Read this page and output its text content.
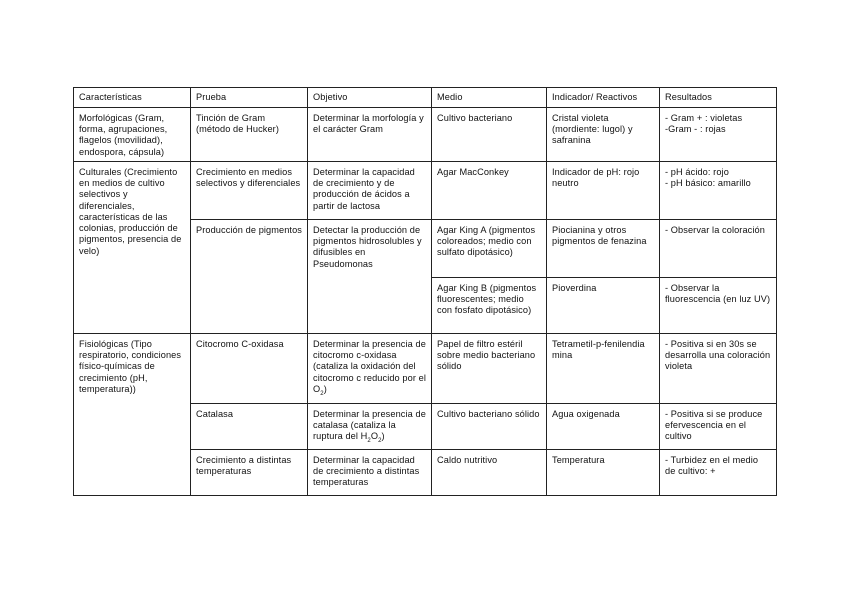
Características	Prueba	Objetivo	Medio	Indicador/ Reactivos	Resultados
Morfológicas (Gram, forma, agrupaciones, flagelos (movilidad), endospora, cápsula)	Tinción de Gram (método de Hucker)	Determinar la morfología y el carácter Gram	Cultivo bacteriano	Cristal violeta (mordiente: lugol) y safranina	- Gram + : violetas
-Gram - : rojas

Culturales (Crecimiento en medios de cultivo selectivos y diferenciales, características de las colonias, producción de pigmentos, presencia de velo)	Crecimiento en medios selectivos y diferenciales	Determinar la capacidad de crecimiento y de producción de ácidos a partir de lactosa	Agar MacConkey	Indicador de pH: rojo neutro	- pH ácido: rojo
- pH básico: amarillo

	Producción de pigmentos	Detectar la producción de pigmentos hidrosolubles y difusibles en Pseudomonas	Agar King A (pigmentos coloreados; medio con sulfato dipotásico)	Piocianina y otros pigmentos de fenazina	- Observar la coloración

			Agar King B (pigmentos fluorescentes; medio con fosfato dipotásico)	Pioverdina	- Observar la fluorescencia (en luz UV)

Fisiológicas (Tipo respiratorio, condiciones físico-químicas de crecimiento (pH, temperatura))	Citocromo C-oxidasa	Determinar la presencia de citocromo c-oxidasa (cataliza la oxidación del citocromo c reducido por el $O_2$)	Papel de filtro estéril sobre medio bacteriano sólido	Tetrametil-p-fenilendia mina	- Positiva si en 30s se desarrolla una coloración violeta

	Catalasa	Determinar la presencia de catalasa (cataliza la ruptura del $H_2O_2$)	Cultivo bacteriano sólido	Agua oxigenada	- Positiva si se produce efervescencia en el cultivo

	Crecimiento a distintas temperaturas	Determinar la capacidad de crecimiento a distintas temperaturas	Caldo nutritivo	Temperatura	- Turbidez en el medio de cultivo: +
